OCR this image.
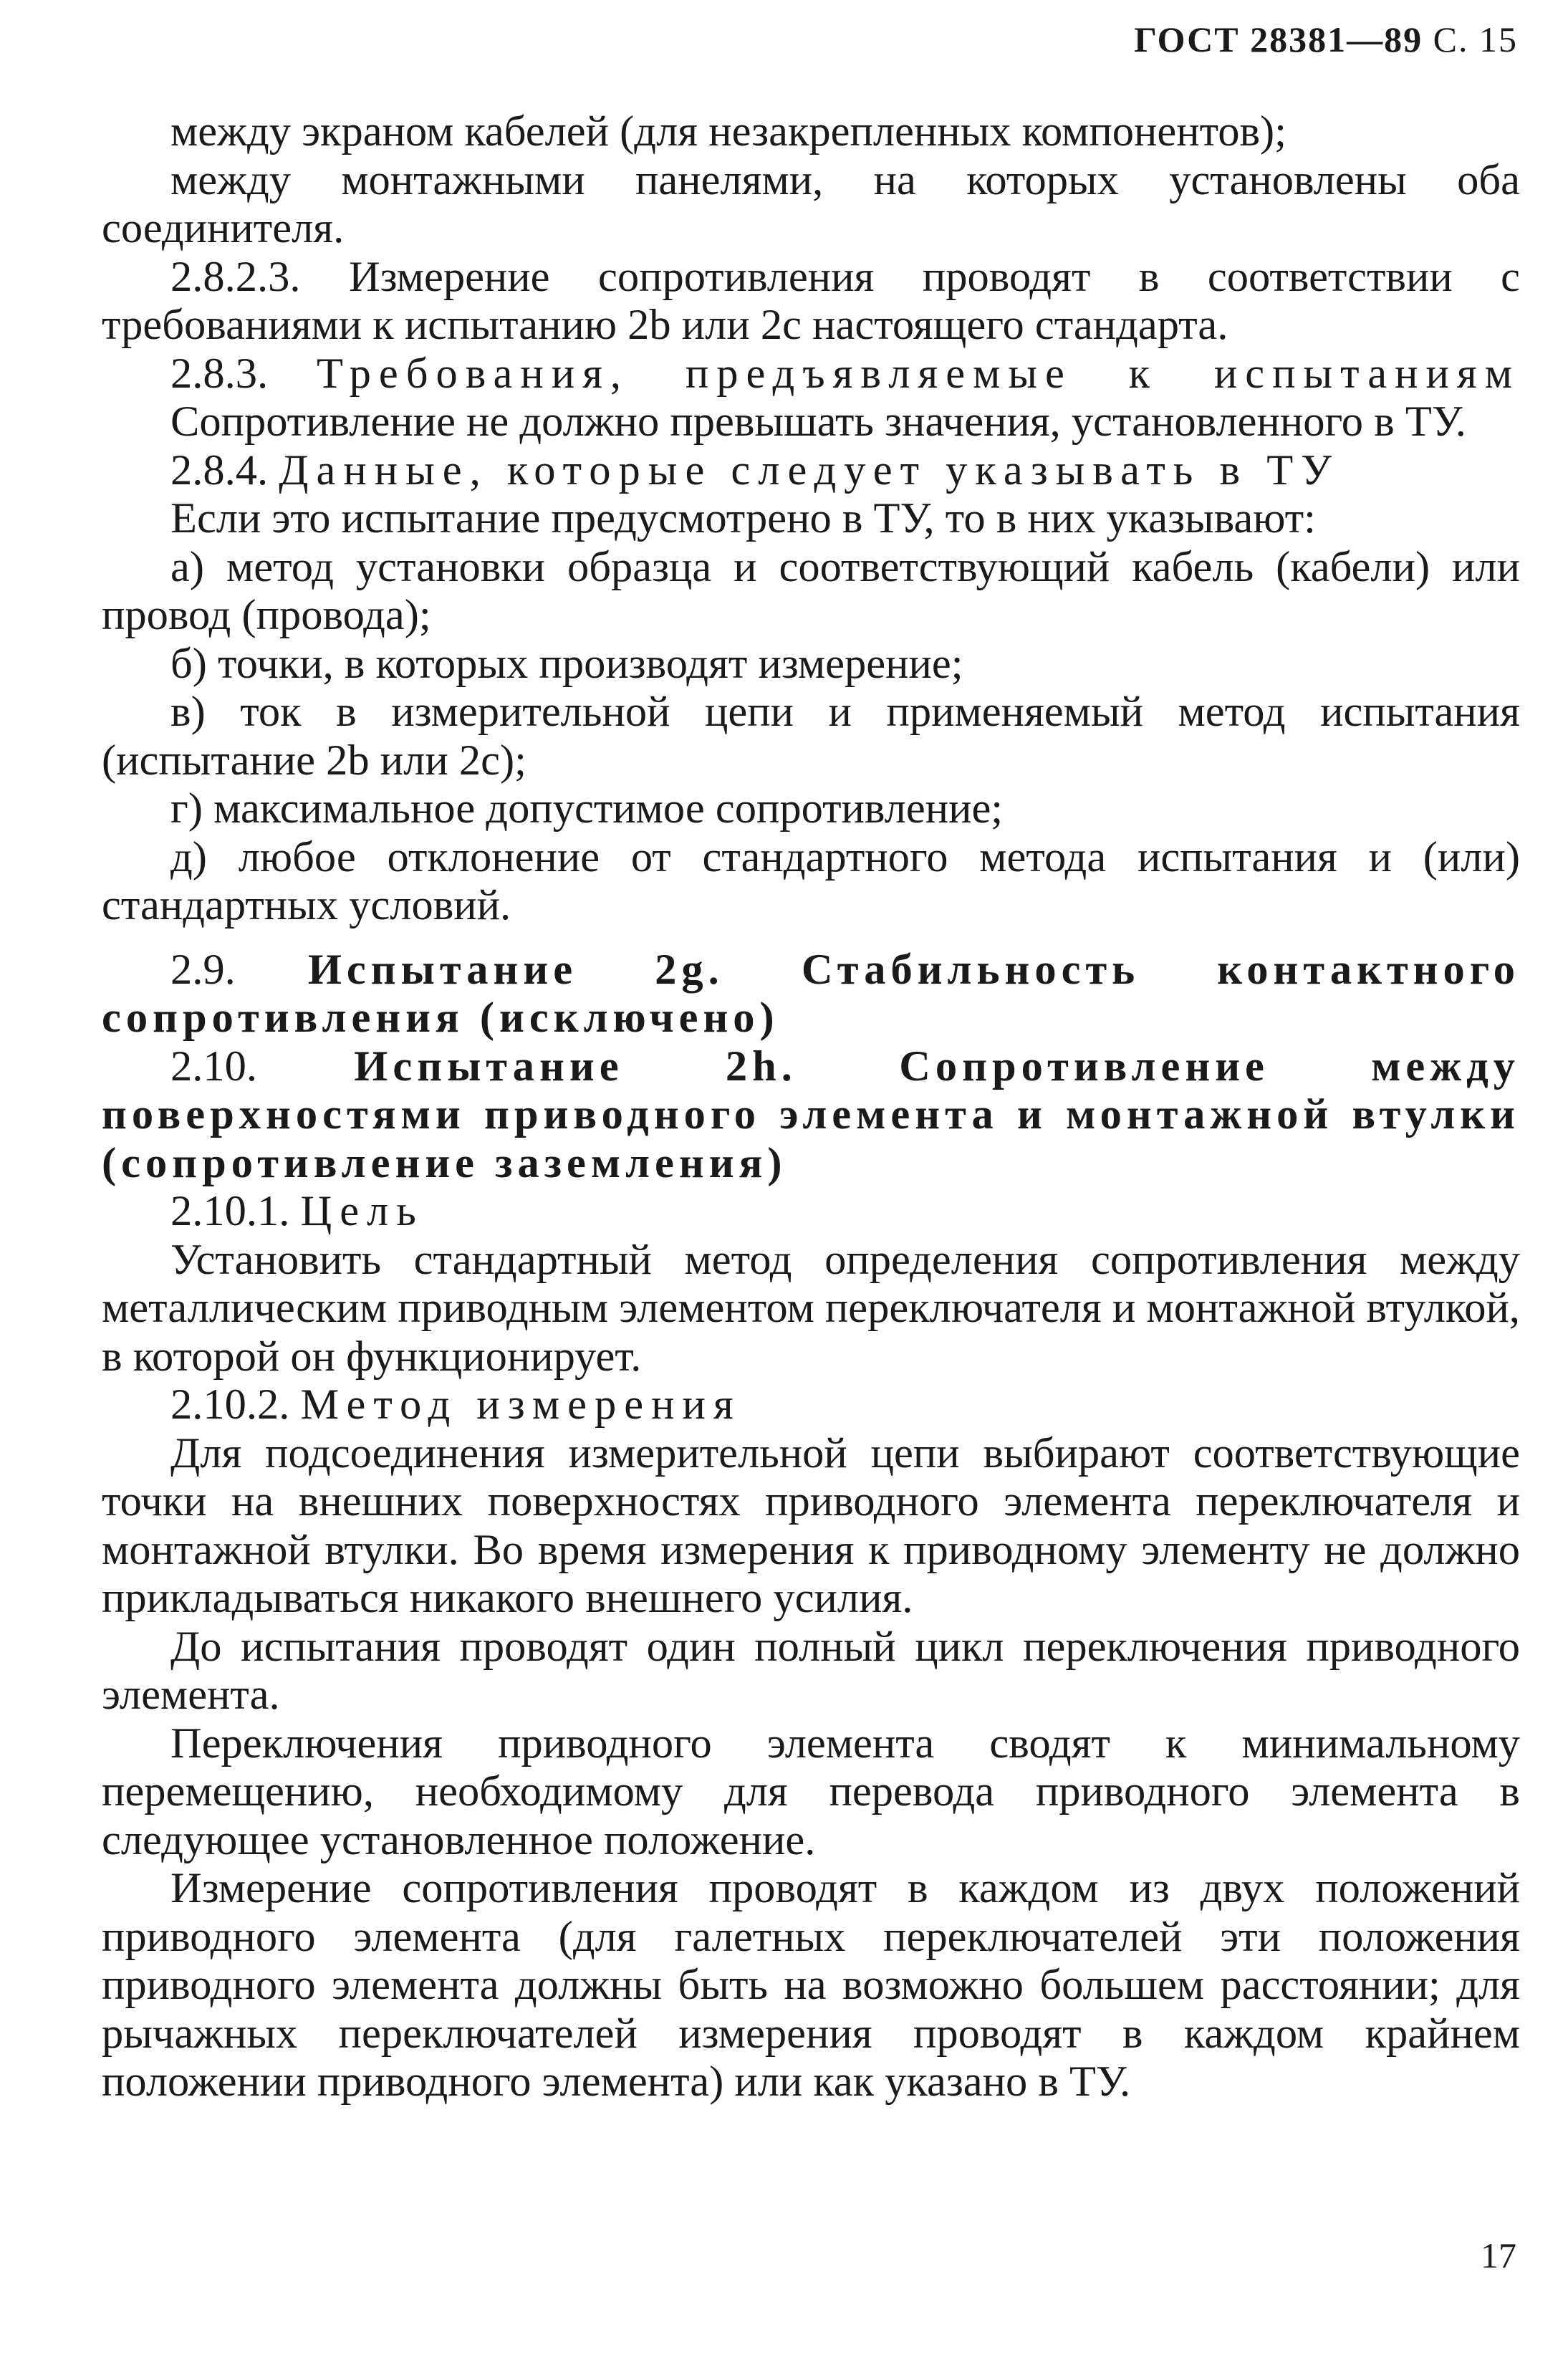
ГОСТ 28381—89 С. 15

между экраном кабелей (для незакрепленных компонентов);

между монтажными панелями, на которых установлены оба соединителя.

2.8.2.3. Измерение сопротивления проводят в соответствии с требованиями к испытанию 2b или 2c настоящего стандарта.

2.8.3. Требования, предъявляемые к испытаниям

Сопротивление не должно превышать значения, установленного в ТУ.

2.8.4. Данные, которые следует указывать в ТУ

Если это испытание предусмотрено в ТУ, то в них указывают:

а) метод установки образца и соответствующий кабель (кабели) или провод (провода);

б) точки, в которых производят измерение;

в) ток в измерительной цепи и применяемый метод испытания (испытание 2b или 2c);

г) максимальное допустимое сопротивление;

д) любое отклонение от стандартного метода испытания и (или) стандартных условий.

2.9. Испытание 2g. Стабильность контактного сопротивления (исключено)

2.10. Испытание 2h. Сопротивление между поверхностями приводного элемента и монтажной втулки (сопротивление заземления)

2.10.1. Цель

Установить стандартный метод определения сопротивления между металлическим приводным элементом переключателя и монтажной втулкой, в которой он функционирует.

2.10.2. Метод измерения

Для подсоединения измерительной цепи выбирают соответствующие точки на внешних поверхностях приводного элемента переключателя и монтажной втулки. Во время измерения к приводному элементу не должно прикладываться никакого внешнего усилия.

До испытания проводят один полный цикл переключения приводного элемента.

Переключения приводного элемента сводят к минимальному перемещению, необходимому для перевода приводного элемента в следующее установленное положение.

Измерение сопротивления проводят в каждом из двух положений приводного элемента (для галетных переключателей эти положения приводного элемента должны быть на возможно большем расстоянии; для рычажных переключателей измерения проводят в каждом крайнем положении приводного элемента) или как указано в ТУ.

17
